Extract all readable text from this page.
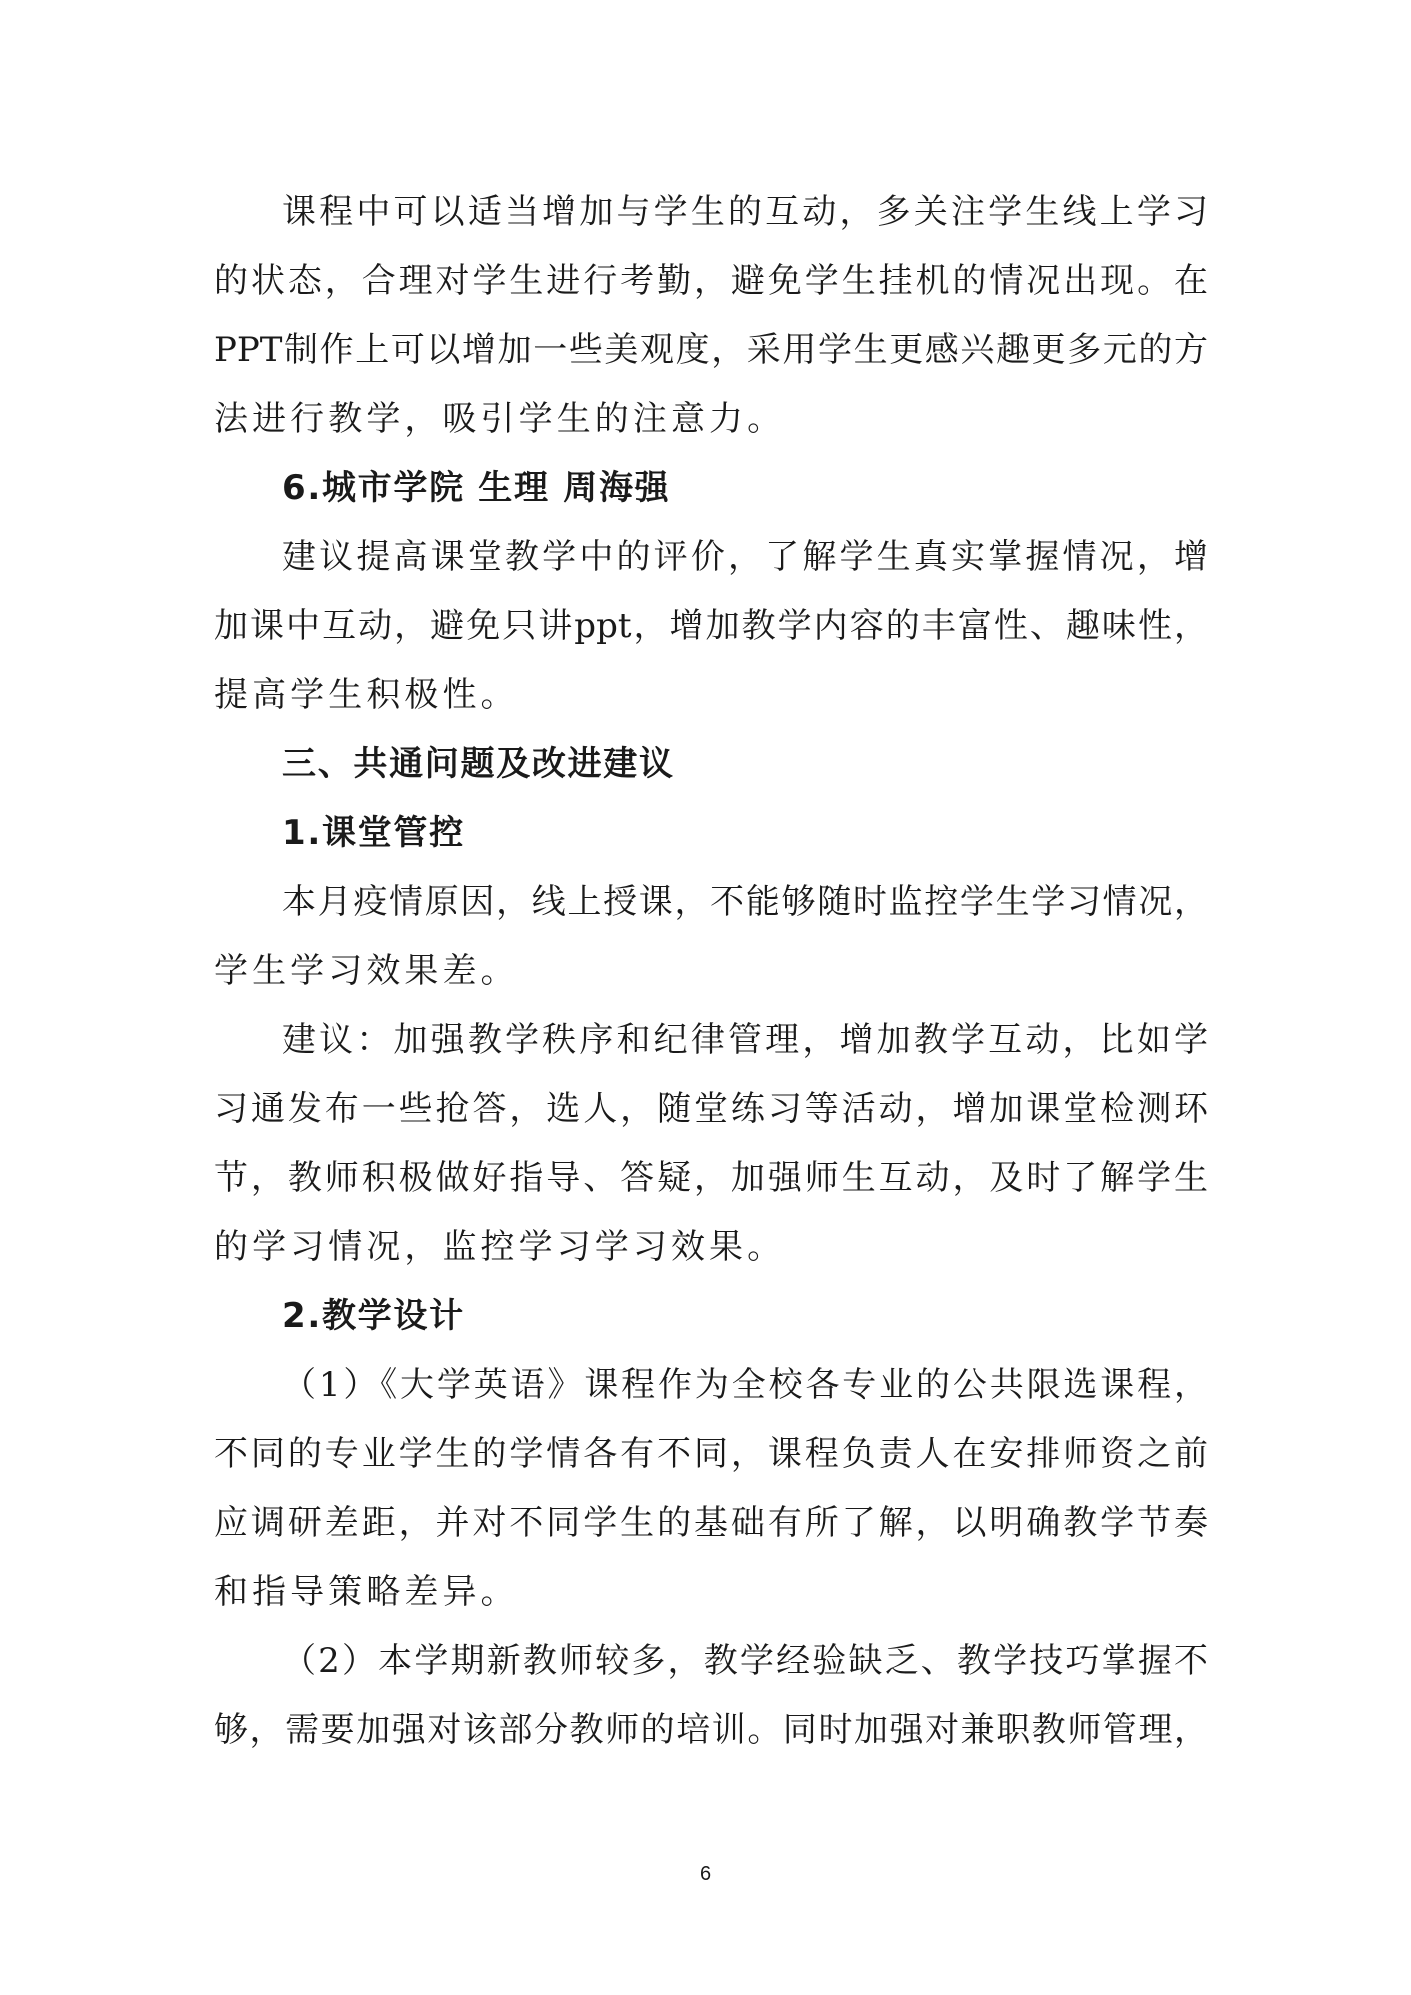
课程中可以适当增加与学生的互动，多关注学生线上学习
的状态，合理对学生进行考勤，避免学生挂机的情况出现。在
PPT制作上可以增加一些美观度，采用学生更感兴趣更多元的方
法进行教学，吸引学生的注意力。
6.城市学院 生理 周海强
建议提高课堂教学中的评价，了解学生真实掌握情况，增
加课中互动，避免只讲ppt，增加教学内容的丰富性、趣味性，
提高学生积极性。
三、共通问题及改进建议
1.课堂管控
本月疫情原因，线上授课，不能够随时监控学生学习情况，
学生学习效果差。
建议：加强教学秩序和纪律管理，增加教学互动，比如学
习通发布一些抢答，选人，随堂练习等活动，增加课堂检测环
节，教师积极做好指导、答疑，加强师生互动，及时了解学生
的学习情况，监控学习学习效果。
2.教学设计
（1）《大学英语》课程作为全校各专业的公共限选课程，
不同的专业学生的学情各有不同，课程负责人在安排师资之前
应调研差距，并对不同学生的基础有所了解，以明确教学节奏
和指导策略差异。
（2）本学期新教师较多，教学经验缺乏、教学技巧掌握不
够，需要加强对该部分教师的培训。同时加强对兼职教师管理，
6
